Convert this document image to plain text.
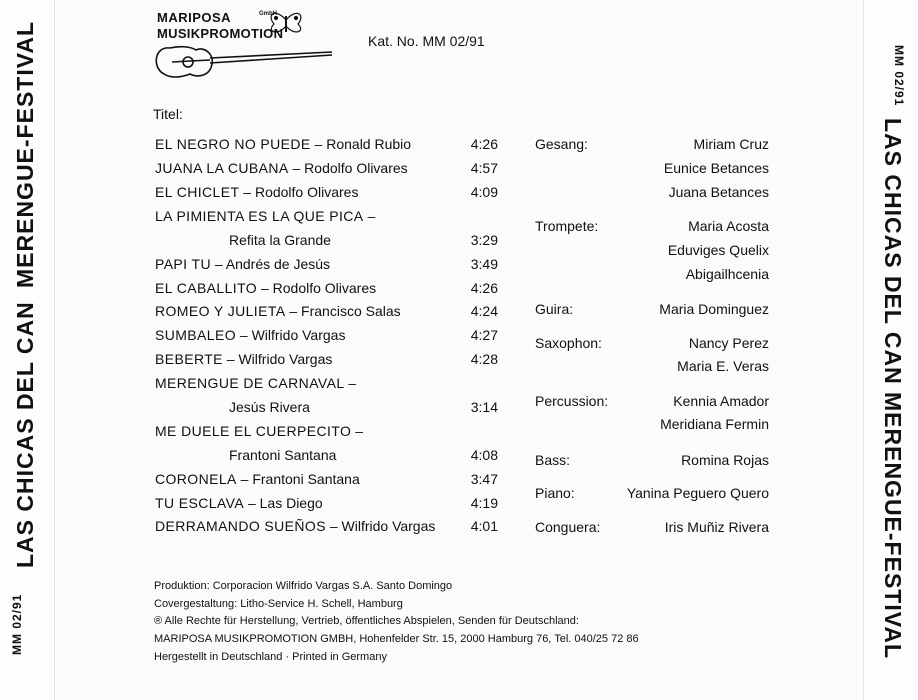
MM 02/91
LAS CHICAS DEL CAN
MERENGUE-FESTIVAL	MM 02/91
LAS CHICAS DEL CAN
MERENGUE-FESTIVAL
MARIPOSA	GmbH
MUSIKPROMOTION	Kat. No. MM 02/91
Titel:
EL NEGRO NO PUEDE – Ronald Rubio	4:26
JUANA LA CUBANA – Rodolfo Olivares	4:57
EL CHICLET – Rodolfo Olivares	4:09
LA PIMIENTA ES LA QUE PICA –
Refita la Grande	3:29
PAPI TU – Andrés de Jesús	3:49
EL CABALLITO – Rodolfo Olivares	4:26
ROMEO Y JULIETA – Francisco Salas	4:24
SUMBALEO – Wilfrido Vargas	4:27
BEBERTE – Wilfrido Vargas	4:28
MERENGUE DE CARNAVAL –
Jesús Rivera	3:14
ME DUELE EL CUERPECITO –
Frantoni Santana	4:08
CORONELA – Frantoni Santana	3:47
TU ESCLAVA – Las Diego	4:19
DERRAMANDO SUEÑOS – Wilfrido Vargas	4:01
Gesang:	Miriam Cruz
Eunice Betances
Juana Betances
Trompete:	Maria Acosta
Eduviges Quelix
Abigailhcenia
Guira:	Maria Dominguez
Saxophon:	Nancy Perez
Maria E. Veras
Percussion:	Kennia Amador
Meridiana Fermin
Bass:	Romina Rojas
Piano:	Yanina Peguero Quero
Conguera:	Iris Muñiz Rivera
Produktion: Corporacion Wilfrido Vargas S.A. Santo Domingo
Covergestaltung: Litho-Service H. Schell, Hamburg
® Alle Rechte für Herstellung, Vertrieb, öffentliches Abspielen, Senden für Deutschland:
MARIPOSA MUSIKPROMOTION GMBH, Hohenfelder Str. 15, 2000 Hamburg 76, Tel. 040/25 72 86
Hergestellt in Deutschland · Printed in Germany
